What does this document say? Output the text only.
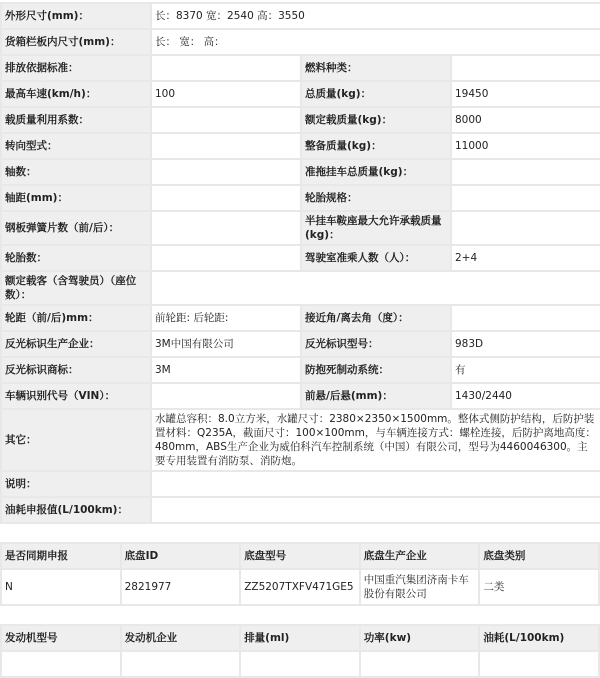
外形尺寸(mm)：	长：8370 宽：2540 高：3550		
货箱栏板内尺寸(mm)：	长： 宽： 高：		
排放依据标准：		燃料种类：	
最高车速(km/h)：	100	总质量(kg)：	19450
载质量利用系数：		额定载质量(kg)：	8000
转向型式：		整备质量(kg)：	11000
轴数：		准拖挂车总质量(kg)：	
轴距(mm)：		轮胎规格：	
钢板弹簧片数（前/后）：		半挂车鞍座最大允许承载质量(kg)：	
轮胎数：		驾驶室准乘人数（人）：	2+4
额定载客（含驾驶员）（座位数）：			
轮距（前/后)mm：	前轮距: 后轮距:	接近角/离去角（度）：	
反光标识生产企业：	3M中国有限公司	反光标识型号：	983D
反光标识商标：	3M	防抱死制动系统：	有
车辆识别代号（VIN）：		前悬/后悬(mm)：	1430/2440
其它：	水罐总容积：8.0立方米，水罐尺寸：2380×2350×1500mm。整体式侧防护结构，后防护装置材料：Q235A，截面尺寸：100×100mm，与车辆连接方式：螺栓连接，后防护离地高度：480mm，ABS生产企业为威伯科汽车控制系统（中国）有限公司，型号为4460046300。主要专用装置有消防泵、消防炮。		
说明：			
油耗申报值(L/100km)：			
是否同期申报	底盘ID	底盘型号	底盘生产企业	底盘类别
N	2821977	ZZ5207TXFV471GE5	中国重汽集团济南卡车股份有限公司	二类
发动机型号	发动机企业	排量(ml)	功率(kw)	油耗(L/100km)
